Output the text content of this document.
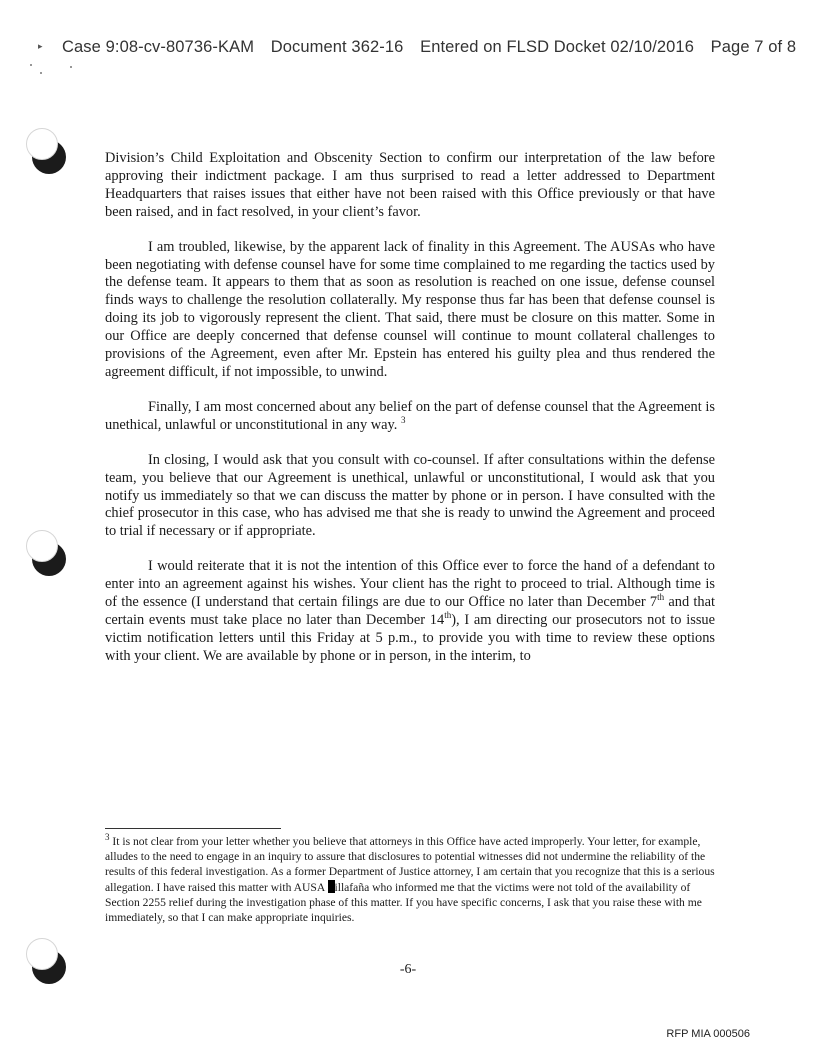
▸ Case 9:08-cv-80736-KAM Document 362-16 Entered on FLSD Docket 02/10/2016 Page 7 of 8

Division’s Child Exploitation and Obscenity Section to confirm our interpretation of the law before approving their indictment package. I am thus surprised to read a letter addressed to Department Headquarters that raises issues that either have not been raised with this Office previously or that have been raised, and in fact resolved, in your client’s favor.

I am troubled, likewise, by the apparent lack of finality in this Agreement. The AUSAs who have been negotiating with defense counsel have for some time complained to me regarding the tactics used by the defense team. It appears to them that as soon as resolution is reached on one issue, defense counsel finds ways to challenge the resolution collaterally. My response thus far has been that defense counsel is doing its job to vigorously represent the client. That said, there must be closure on this matter. Some in our Office are deeply concerned that defense counsel will continue to mount collateral challenges to provisions of the Agreement, even after Mr. Epstein has entered his guilty plea and thus rendered the agreement difficult, if not impossible, to unwind.

Finally, I am most concerned about any belief on the part of defense counsel that the Agreement is unethical, unlawful or unconstitutional in any way. $^3$

In closing, I would ask that you consult with co-counsel. If after consultations within the defense team, you believe that our Agreement is unethical, unlawful or unconstitutional, I would ask that you notify us immediately so that we can discuss the matter by phone or in person. I have consulted with the chief prosecutor in this case, who has advised me that she is ready to unwind the Agreement and proceed to trial if necessary or if appropriate.

I would reiterate that it is not the intention of this Office ever to force the hand of a defendant to enter into an agreement against his wishes. Your client has the right to proceed to trial. Although time is of the essence (I understand that certain filings are due to our Office no later than December 7th and that certain events must take place no later than December 14th), I am directing our prosecutors not to issue victim notification letters until this Friday at 5 p.m., to provide you with time to review these options with your client. We are available by phone or in person, in the interim, to

$^3$ It is not clear from your letter whether you believe that attorneys in this Office have acted improperly. Your letter, for example, alludes to the need to engage in an inquiry to assure that disclosures to potential witnesses did not undermine the reliability of the results of this federal investigation. As a former Department of Justice attorney, I am certain that you recognize that this is a serious allegation. I have raised this matter with AUSA illafaña who informed me that the victims were not told of the availability of Section 2255 relief during the investigation phase of this matter. If you have specific concerns, I ask that you raise these with me immediately, so that I can make appropriate inquiries.

-6-
RFP MIA 000506
